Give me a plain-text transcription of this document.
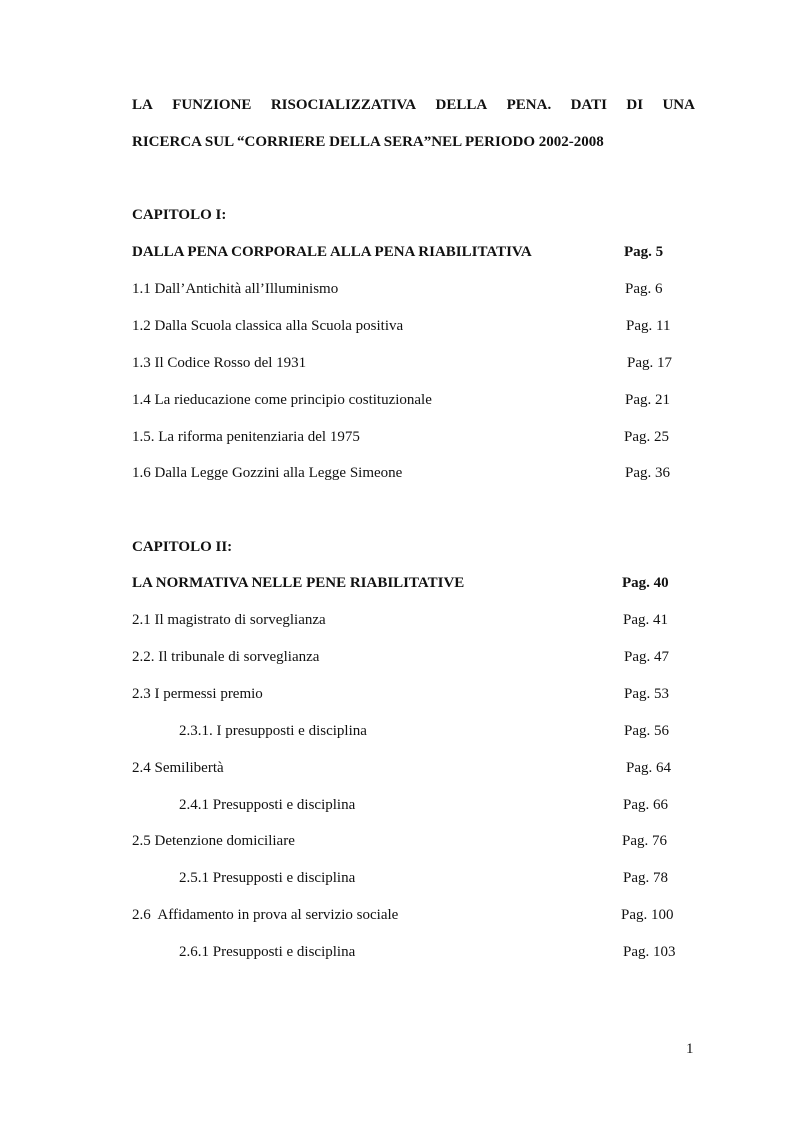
LA FUNZIONE RISOCIALIZZATIVA DELLA PENA. DATI DI UNA
RICERCA SUL “CORRIERE DELLA SERA”NEL PERIODO 2002-2008
CAPITOLO I:
DALLA PENA CORPORALE ALLA PENA RIABILITATIVA	Pag. 5
1.1 Dall’Antichità all’Illuminismo	Pag. 6
1.2 Dalla Scuola classica alla Scuola positiva	Pag. 11
1.3 Il Codice Rosso del 1931	Pag. 17
1.4 La rieducazione come principio costituzionale	Pag. 21
1.5. La riforma penitenziaria del 1975	Pag. 25
1.6 Dalla Legge Gozzini alla Legge Simeone	Pag. 36
CAPITOLO II:
LA NORMATIVA NELLE PENE RIABILITATIVE	Pag. 40
2.1 Il magistrato di sorveglianza	Pag. 41
2.2. Il tribunale di sorveglianza	Pag. 47
2.3 I permessi premio	Pag. 53
2.3.1. I presupposti e disciplina	Pag. 56
2.4 Semilibertà	Pag. 64
2.4.1 Presupposti e disciplina	Pag. 66
2.5 Detenzione domiciliare	Pag. 76
2.5.1 Presupposti e disciplina	Pag. 78
2.6  Affidamento in prova al servizio sociale	Pag. 100
2.6.1 Presupposti e disciplina	Pag. 103
1
